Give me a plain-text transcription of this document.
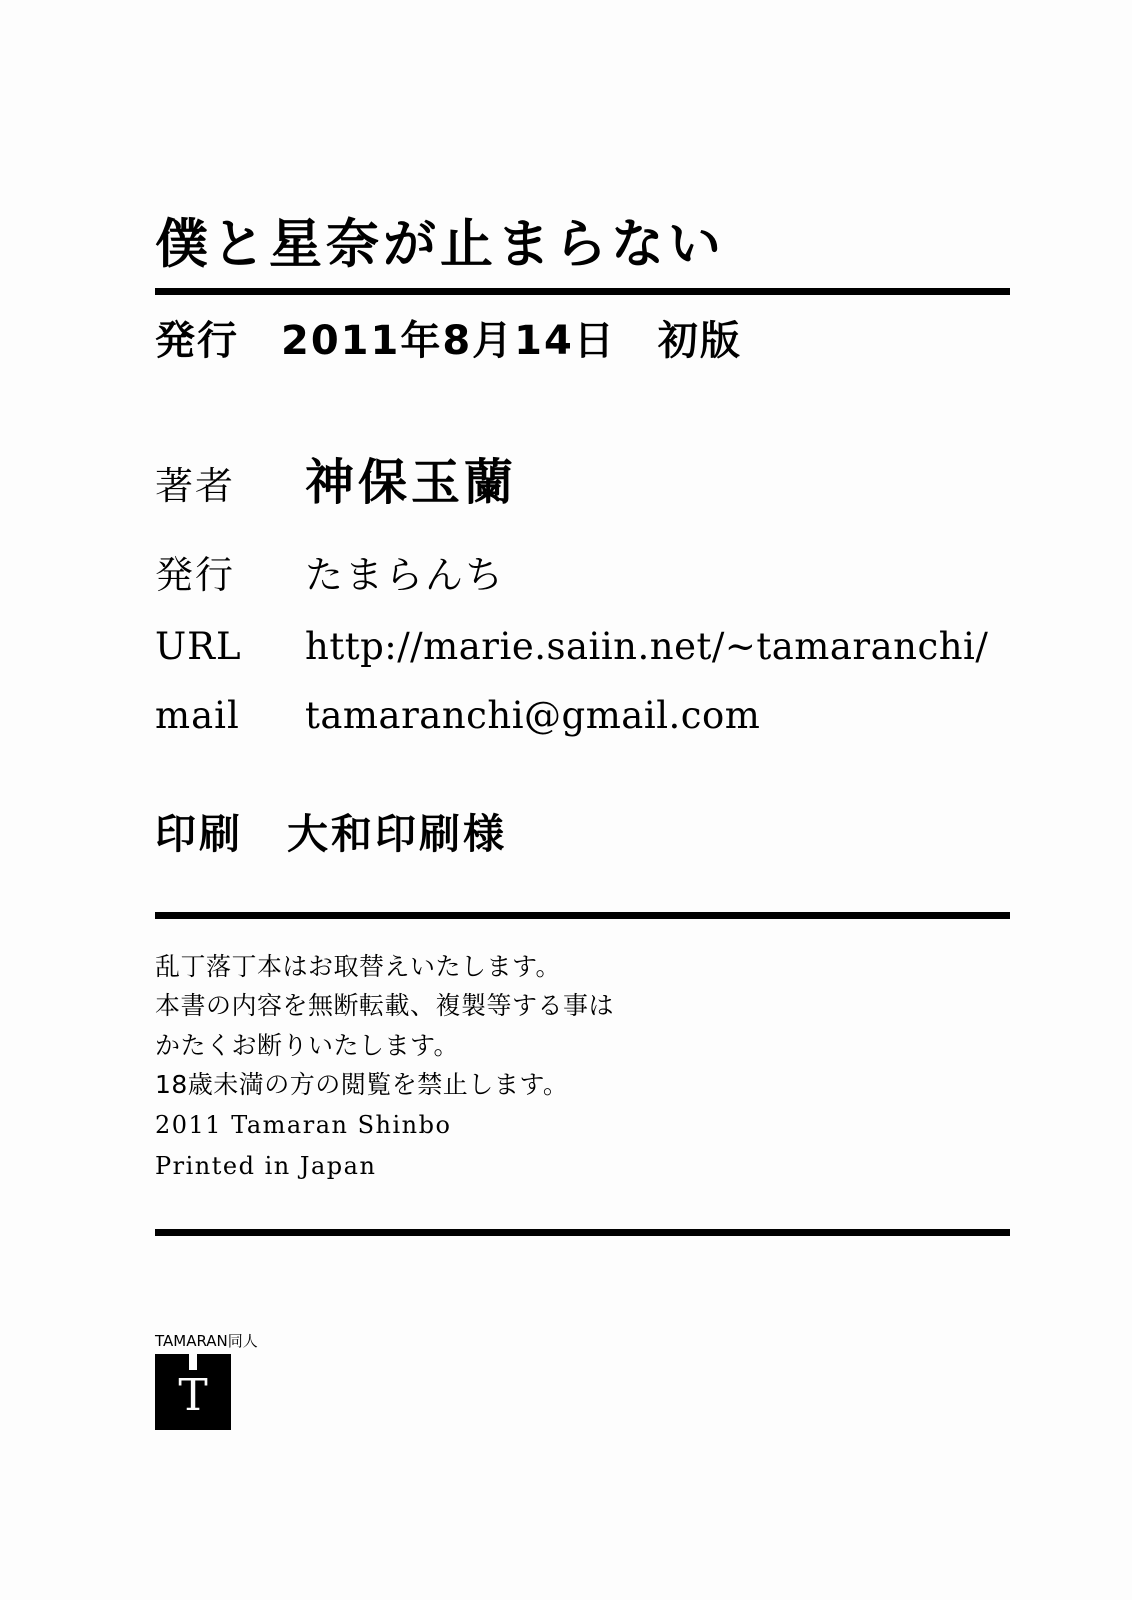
僕と星奈が止まらない
発行　2011年8月14日　初版
著者	神保玉蘭
発行	たまらんち
URL	http://marie.saiin.net/~tamaranchi/
mail	tamaranchi@gmail.com
印刷　大和印刷様
乱丁落丁本はお取替えいたします。
本書の内容を無断転載、複製等する事は
かたくお断りいたします。
18歳未満の方の閲覧を禁止します。
2011 Tamaran Shinbo
Printed in Japan
TAMARAN同人
T
